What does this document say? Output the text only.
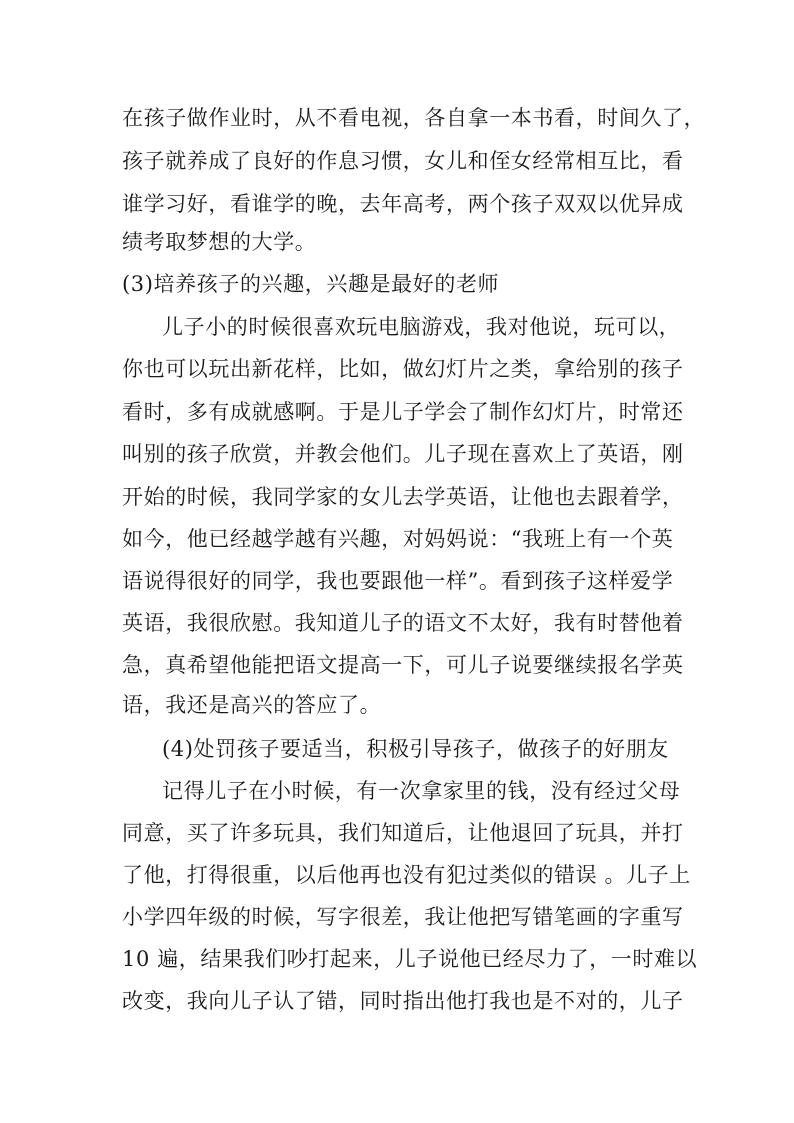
在孩子做作业时，从不看电视，各自拿一本书看，时间久了，
孩子就养成了良好的作息习惯，女儿和侄女经常相互比，看
谁学习好，看谁学的晚，去年高考，两个孩子双双以优异成
绩考取梦想的大学。
(3)培养孩子的兴趣，兴趣是最好的老师
儿子小的时候很喜欢玩电脑游戏，我对他说，玩可以，
你也可以玩出新花样，比如，做幻灯片之类，拿给别的孩子
看时，多有成就感啊。于是儿子学会了制作幻灯片，时常还
叫别的孩子欣赏，并教会他们。儿子现在喜欢上了英语，刚
开始的时候，我同学家的女儿去学英语，让他也去跟着学，
如今，他已经越学越有兴趣，对妈妈说：“我班上有一个英
语说得很好的同学，我也要跟他一样”。看到孩子这样爱学
英语，我很欣慰。我知道儿子的语文不太好，我有时替他着
急，真希望他能把语文提高一下，可儿子说要继续报名学英
语，我还是高兴的答应了。
(4)处罚孩子要适当，积极引导孩子，做孩子的好朋友
记得儿子在小时候，有一次拿家里的钱，没有经过父母
同意，买了许多玩具，我们知道后，让他退回了玩具，并打
了他，打得很重，以后他再也没有犯过类似的错误 。儿子上
小学四年级的时候，写字很差，我让他把写错笔画的字重写
10 遍，结果我们吵打起来，儿子说他已经尽力了，一时难以
改变，我向儿子认了错，同时指出他打我也是不对的，儿子
